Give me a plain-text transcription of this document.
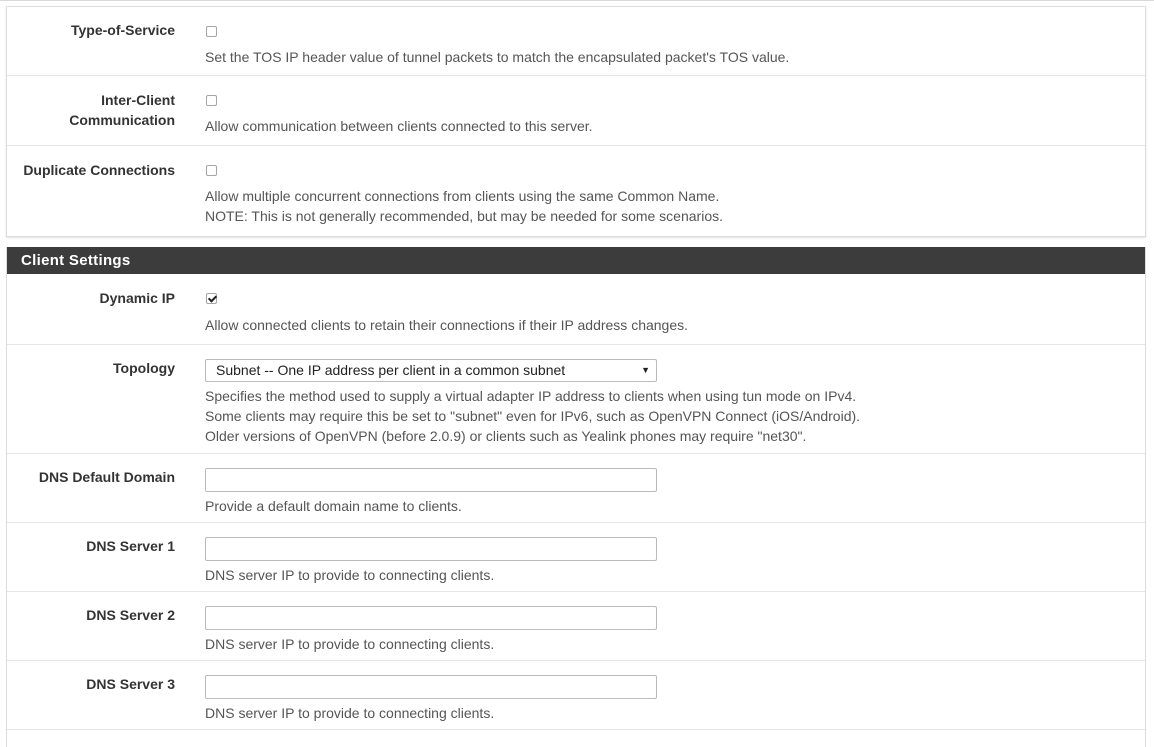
Type-of-Service
Set the TOS IP header value of tunnel packets to match the encapsulated packet's TOS value.
Inter-Client
Communication Allow communication between clients connected to this server.
Duplicate Connections
Allow multiple concurrent connections from clients using the same Common Name.
NOTE: This is not generally recommended, but may be needed for some scenarios.
Client Settings
Dynamic IP
Allow connected clients to retain their connections if their IP address changes.
Topology	Subnet -- One IP address per client in a common subnet	▼
Specifies the method used to supply a virtual adapter IP address to clients when using tun mode on IPv4.
Some clients may require this be set to "subnet" even for IPv6, such as OpenVPN Connect (iOS/Android).
Older versions of OpenVPN (before 2.0.9) or clients such as Yealink phones may require "net30".
DNS Default Domain
Provide a default domain name to clients.
DNS Server 1
DNS server IP to provide to connecting clients.
DNS Server 2
DNS server IP to provide to connecting clients.
DNS Server 3
DNS server IP to provide to connecting clients.
